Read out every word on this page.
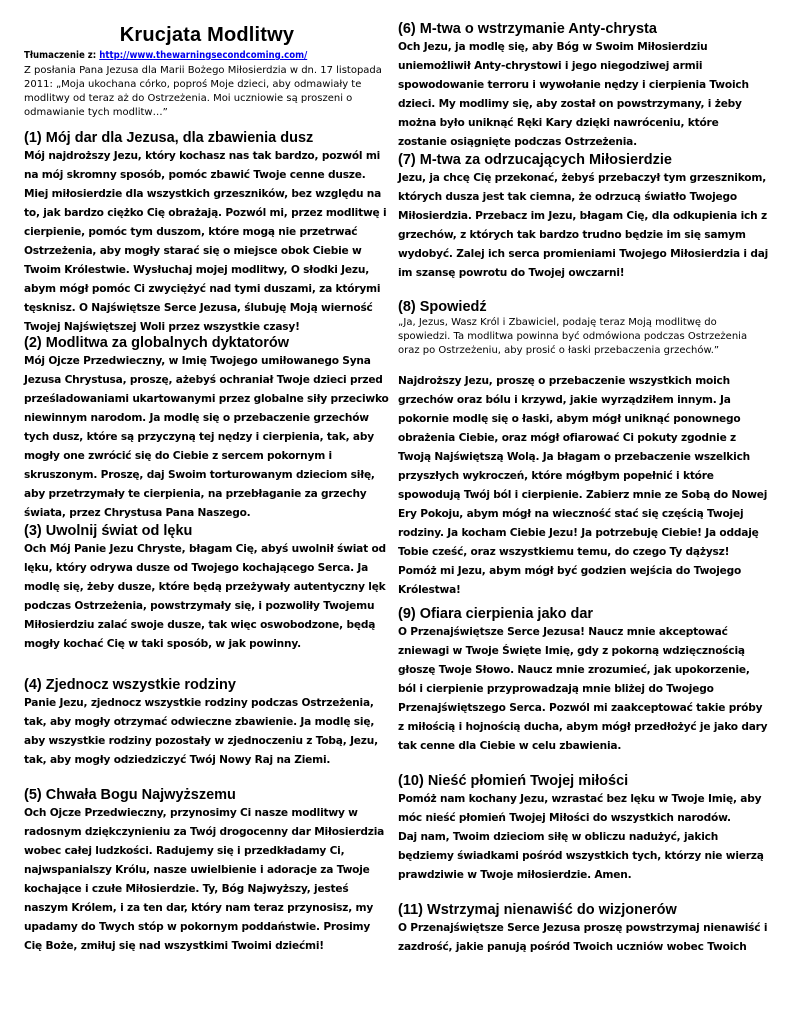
Krucjata Modlitwy
Tłumaczenie z: http://www.thewarningsecondcoming.com/
Z posłania Pana Jezusa dla Marii Bożego Miłosierdzia w dn. 17 listopada 2011: „Moja ukochana córko, poproś Moje dzieci, aby odmawiały te modlitwy od teraz aż do Ostrzeżenia. Moi uczniowie są proszeni o odmawianie tych modlitw…”
(1) Mój dar dla Jezusa, dla zbawienia dusz
Mój najdroższy Jezu, który kochasz nas tak bardzo, pozwól mi na mój skromny sposób, pomóc zbawić Twoje cenne dusze. Miej miłosierdzie dla wszystkich grzeszników, bez względu na to, jak bardzo ciężko Cię obrażają. Pozwól mi, przez modlitwę i cierpienie, pomóc tym duszom, które mogą nie przetrwać Ostrzeżenia, aby mogły starać się o miejsce obok Ciebie w Twoim Królestwie. Wysłuchaj mojej modlitwy, O słodki Jezu, abym mógł pomóc Ci zwyciężyć nad tymi duszami, za którymi tęsknisz. O Najświętsze Serce Jezusa, ślubuję Moją wierność Twojej Najświętszej Woli przez wszystkie czasy!
(2) Modlitwa za globalnych dyktatorów
Mój Ojcze Przedwieczny, w Imię Twojego umiłowanego Syna Jezusa Chrystusa, proszę, ażebyś ochraniał Twoje dzieci przed prześladowaniami ukartowanymi przez globalne siły przeciwko niewinnym narodom. Ja modlę się o przebaczenie grzechów tych dusz, które są przyczyną tej nędzy i cierpienia, tak, aby mogły one zwrócić się do Ciebie z sercem pokornym i skruszonym. Proszę, daj Swoim torturowanym dzieciom siłę, aby przetrzymały te cierpienia, na przebłaganie za grzechy świata, przez Chrystusa Pana Naszego.
(3) Uwolnij świat od lęku
Och Mój Panie Jezu Chryste, błagam Cię, abyś uwolnił świat od lęku, który odrywa dusze od Twojego kochającego Serca. Ja modlę się, żeby dusze, które będą przeżywały autentyczny lęk podczas Ostrzeżenia, powstrzymały się, i pozwoliły Twojemu Miłosierdziu zalać swoje dusze, tak więc oswobodzone, będą mogły kochać Cię w taki sposób, w jak powinny.
(4) Zjednocz wszystkie rodziny
Panie Jezu, zjednocz wszystkie rodziny podczas Ostrzeżenia, tak, aby mogły otrzymać odwieczne zbawienie. Ja modlę się, aby wszystkie rodziny pozostały w zjednoczeniu z Tobą, Jezu, tak, aby mogły odziedziczyć Twój Nowy Raj na Ziemi.
(5) Chwała Bogu Najwyższemu
Och Ojcze Przedwieczny, przynosimy Ci nasze modlitwy w radosnym dziękczynieniu za Twój drogocenny dar Miłosierdzia wobec całej ludzkości. Radujemy się i przedkładamy Ci, najwspanialszy Królu, nasze uwielbienie i adoracje za Twoje kochające i czułe Miłosierdzie. Ty, Bóg Najwyższy, jesteś naszym Królem, i za ten dar, który nam teraz przynosisz, my upadamy do Twych stóp w pokornym poddaństwie. Prosimy Cię Boże, zmiłuj się nad wszystkimi Twoimi dziećmi!
(6) M-twa o wstrzymanie Anty-chrysta
Och Jezu, ja modlę się, aby Bóg w Swoim Miłosierdziu uniemożliwił Anty-chrystowi i jego niegodziwej armii spowodowanie terroru i wywołanie nędzy i cierpienia Twoich dzieci. My modlimy się, aby został on powstrzymany, i żeby można było uniknąć Ręki Kary dzięki nawróceniu, które zostanie osiągnięte podczas Ostrzeżenia.
(7) M-twa za odrzucających Miłosierdzie
Jezu, ja chcę Cię przekonać, żebyś przebaczył tym grzesznikom, których dusza jest tak ciemna, że odrzucą światło Twojego Miłosierdzia. Przebacz im Jezu, błagam Cię, dla odkupienia ich z grzechów, z których tak bardzo trudno będzie im się samym wydobyć. Zalej ich serca promieniami Twojego Miłosierdzia i daj im szansę powrotu do Twojej owczarni!
(8) Spowiedź
„Ja, Jezus, Wasz Król i Zbawiciel, podaję teraz Moją modlitwę do spowiedzi. Ta modlitwa powinna być odmówiona podczas Ostrzeżenia oraz po Ostrzeżeniu, aby prosić o łaski przebaczenia grzechów.”
Najdroższy Jezu, proszę o przebaczenie wszystkich moich grzechów oraz bólu i krzywd, jakie wyrządziłem innym. Ja pokornie modlę się o łaski, abym mógł uniknąć ponownego obrażenia Ciebie, oraz mógł ofiarować Ci pokuty zgodnie z Twoją Najświętszą Wolą. Ja błagam o przebaczenie wszelkich przyszłych wykroczeń, które mógłbym popełnić i które spowodują Twój ból i cierpienie. Zabierz mnie ze Sobą do Nowej Ery Pokoju, abym mógł na wieczność stać się częścią Twojej rodziny. Ja kocham Ciebie Jezu! Ja potrzebuję Ciebie! Ja oddaję Tobie cześć, oraz wszystkiemu temu, do czego Ty dążysz! Pomóż mi Jezu, abym mógł być godzien wejścia do Twojego Królestwa!
(9) Ofiara cierpienia jako dar
O Przenajświętsze Serce Jezusa! Naucz mnie akceptować zniewagi w Twoje Święte Imię, gdy z pokorną wdzięcznością głoszę Twoje Słowo. Naucz mnie zrozumieć, jak upokorzenie, ból i cierpienie przyprowadzają mnie bliżej do Twojego Przenajświętszego Serca. Pozwól mi zaakceptować takie próby z miłością i hojnością ducha, abym mógł przedłożyć je jako dary tak cenne dla Ciebie w celu zbawienia.
(10) Nieść płomień Twojej miłości
Pomóż nam kochany Jezu, wzrastać bez lęku w Twoje Imię, aby móc nieść płomień Twojej Miłości do wszystkich narodów.
Daj nam, Twoim dzieciom siłę w obliczu nadużyć, jakich będziemy świadkami pośród wszystkich tych, którzy nie wierzą prawdziwie w Twoje miłosierdzie. Amen.
(11) Wstrzymaj nienawiść do wizjonerów
O Przenajświętsze Serce Jezusa proszę powstrzymaj nienawiść i zazdrość, jakie panują pośród Twoich uczniów wobec Twoich
